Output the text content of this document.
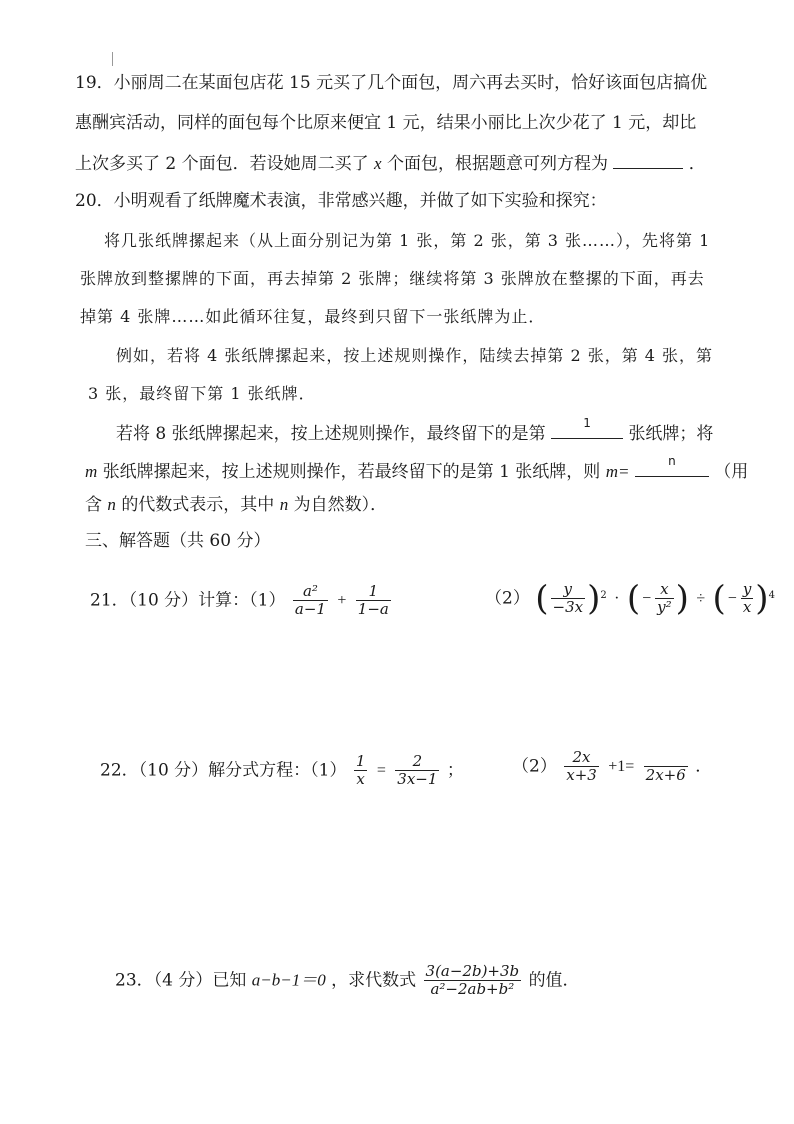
19．小丽周二在某面包店花 15 元买了几个面包，周六再去买时，恰好该面包店搞优
惠酬宾活动，同样的面包每个比原来便宜 1 元，结果小丽比上次少花了 1 元，却比
上次多买了 2 个面包．若设她周二买了 x 个面包，根据题意可列方程为	．
20．小明观看了纸牌魔术表演，非常感兴趣，并做了如下实验和探究：
将几张纸牌摞起来（从上面分别记为第 1 张，第 2 张，第 3 张……），先将第 1
张牌放到整摞牌的下面，再去掉第 2 张牌；继续将第 3 张牌放在整摞的下面，再去
掉第 4 张牌……如此循环往复，最终到只留下一张纸牌为止．
例如，若将 4 张纸牌摞起来，按上述规则操作，陆续去掉第 2 张，第 4 张，第
3 张，最终留下第 1 张纸牌．
若将 8 张纸牌摞起来，按上述规则操作，最终留下的是第
1
张纸牌；将
m 张纸牌摞起来，按上述规则操作，若最终留下的是第 1 张纸牌，则 m=
n
（用
含 n 的代数式表示，其中 n 为自然数）．
三、解答题（共 60 分）
21．（10 分）计算：$(1) \frac{\text{a²}}{a-1} + \frac{1}{1-a}$	（2） ( $\frac{y}{-3x} )^2$ · ( − $\frac{x}{\text{y²}}$ ) ÷ ( − $\frac{y}{x} )^4$
22．（10 分）解分式方程：$(1) \frac{1}{x} = \frac{2}{3x-1}$ ；	$(2) \frac{2x}{x+3} +1=$
2x+6 ．
23．（4 分）已知 a−b−1＝0 ，求代数式 $\frac{3(a-2b)+3b}{\text{a²−2ab+b²}}$ 的值．
